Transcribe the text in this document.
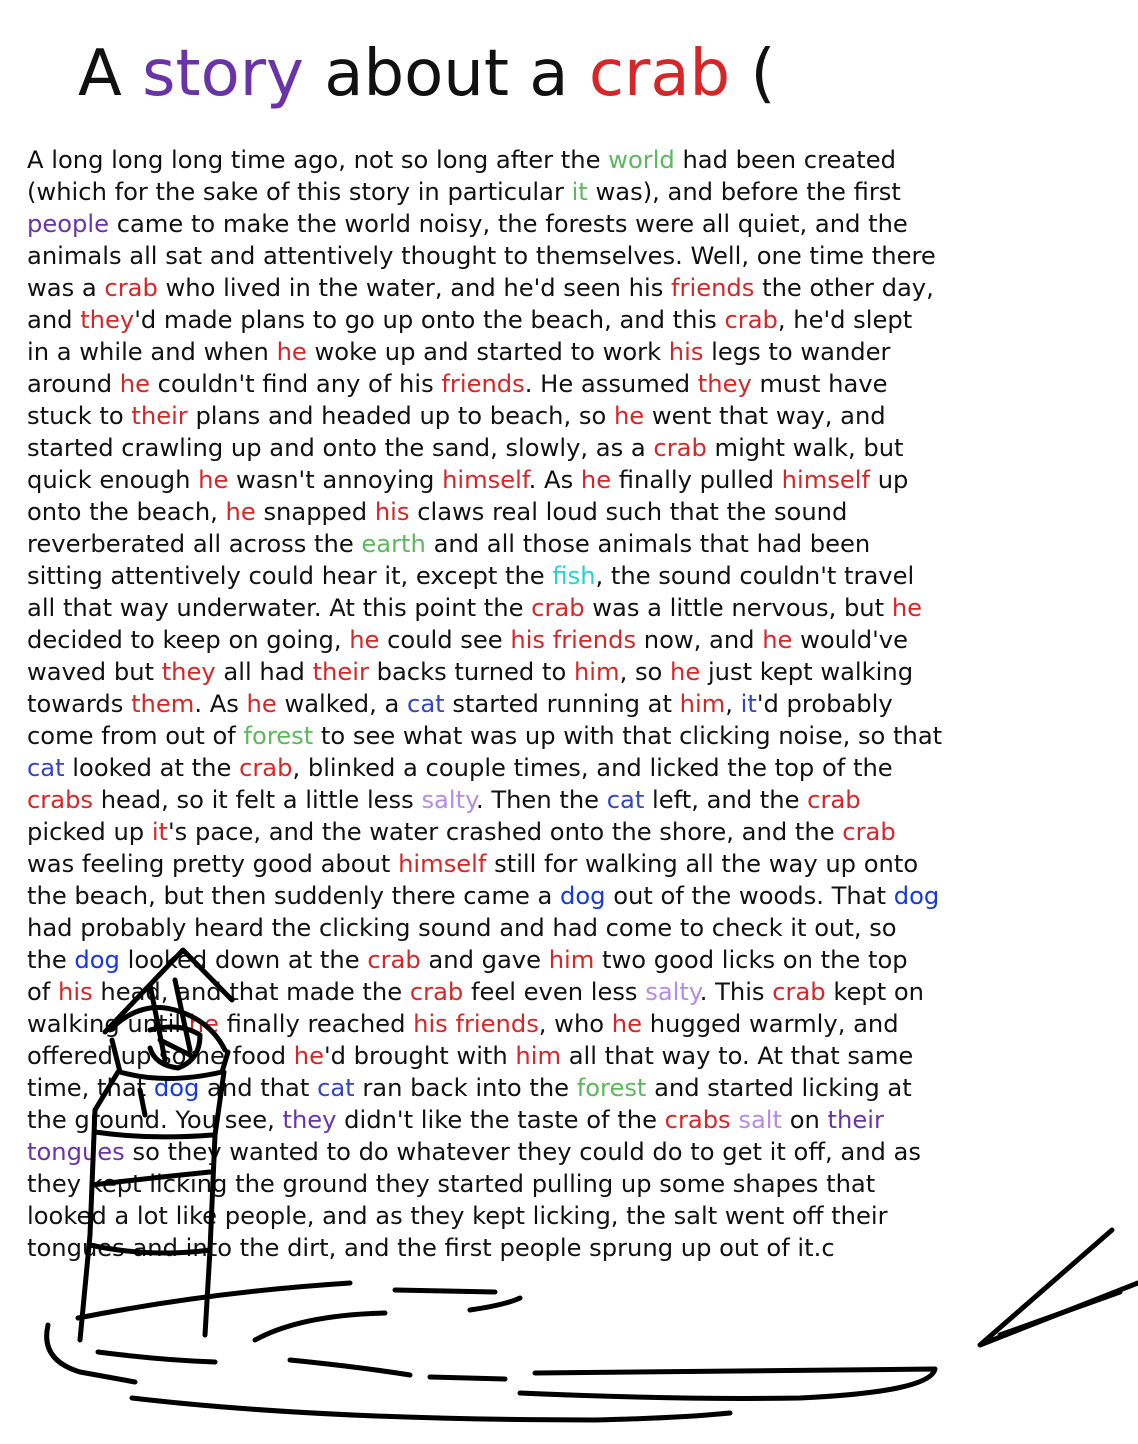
A story about a crab (
A long long long time ago, not so long after the world had been created
(which for the sake of this story in particular it was), and before the first
people came to make the world noisy, the forests were all quiet, and the
animals all sat and attentively thought to themselves. Well, one time there
was a crab who lived in the water, and he'd seen his friends the other day,
and they'd made plans to go up onto the beach, and this crab, he'd slept
in a while and when he woke up and started to work his legs to wander
around he couldn't find any of his friends. He assumed they must have
stuck to their plans and headed up to beach, so he went that way, and
started crawling up and onto the sand, slowly, as a crab might walk, but
quick enough he wasn't annoying himself. As he finally pulled himself up
onto the beach, he snapped his claws real loud such that the sound
reverberated all across the earth and all those animals that had been
sitting attentively could hear it, except the fish, the sound couldn't travel
all that way underwater. At this point the crab was a little nervous, but he
decided to keep on going, he could see his friends now, and he would've
waved but they all had their backs turned to him, so he just kept walking
towards them. As he walked, a cat started running at him, it'd probably
come from out of forest to see what was up with that clicking noise, so that
cat looked at the crab, blinked a couple times, and licked the top of the
crabs head, so it felt a little less salty. Then the cat left, and the crab
picked up it's pace, and the water crashed onto the shore, and the crab
was feeling pretty good about himself still for walking all the way up onto
the beach, but then suddenly there came a dog out of the woods. That dog
had probably heard the clicking sound and had come to check it out, so
the dog looked down at the crab and gave him two good licks on the top
of his head, and that made the crab feel even less salty. This crab kept on
walking until he finally reached his friends, who he hugged warmly, and
offered up some food he'd brought with him all that way to. At that same
time, that dog and that cat ran back into the forest and started licking at
the ground. You see, they didn't like the taste of the crabs salt on their
tongues so they wanted to do whatever they could do to get it off, and as
they kept licking the ground they started pulling up some shapes that
looked a lot like people, and as they kept licking, the salt went off their
tongues and into the dirt, and the first people sprung up out of it.c
